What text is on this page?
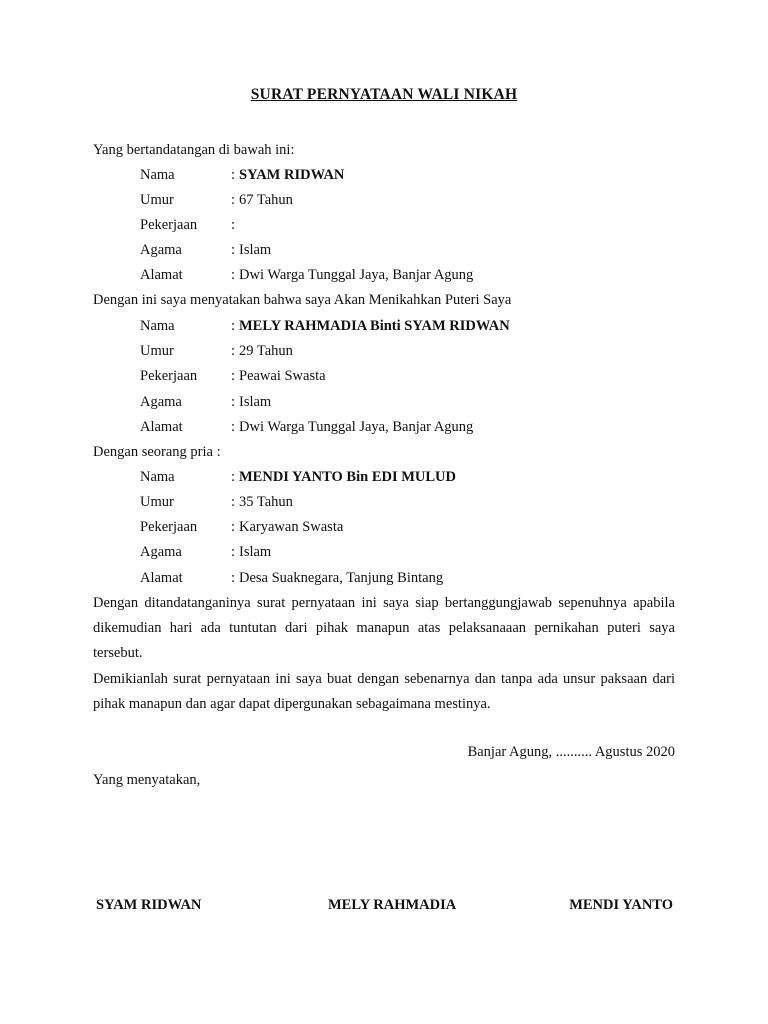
SURAT PERNYATAAN WALI NIKAH
Yang bertandatangan di bawah ini:
Nama	: SYAM RIDWAN
Umur	: 67 Tahun
Pekerjaan :
Agama	: Islam
Alamat	: Dwi Warga Tunggal Jaya, Banjar Agung
Dengan ini saya menyatakan bahwa saya Akan Menikahkan Puteri Saya
Nama	: MELY RAHMADIA Binti SYAM RIDWAN
Umur	: 29 Tahun
Pekerjaan : Peawai Swasta
Agama	: Islam
Alamat	: Dwi Warga Tunggal Jaya, Banjar Agung
Dengan seorang pria :
Nama	: MENDI YANTO Bin EDI MULUD
Umur	: 35 Tahun
Pekerjaan : Karyawan Swasta
Agama	: Islam
Alamat	: Desa Suaknegara, Tanjung Bintang
Dengan ditandatanganinya surat pernyataan ini saya siap bertanggungjawab sepenuhnya apabila dikemudian hari ada tuntutan dari pihak manapun atas pelaksanaaan pernikahan puteri saya tersebut.
Demikianlah surat pernyataan ini saya buat dengan sebenarnya dan tanpa ada unsur paksaan dari pihak manapun dan agar dapat dipergunakan sebagaimana mestinya.
Banjar Agung, .......... Agustus 2020
Yang menyatakan,
SYAM RIDWAN	MELY RAHMADIA	MENDI YANTO
